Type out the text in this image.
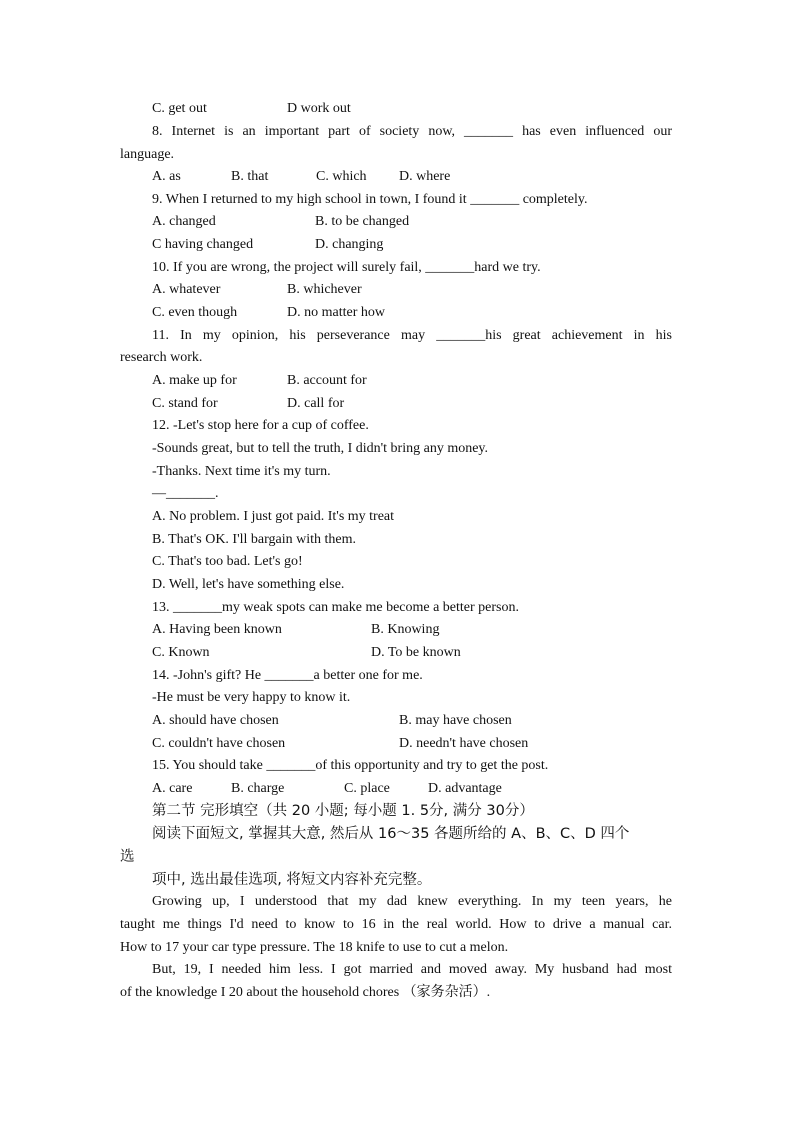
C. get out	D work out
8. Internet is an important part of society now, _______ has even influenced our
language.
A. as	B. that	C. which D. where
9. When I returned to my high school in town, I found it _______ completely.
A. changed	B. to be changed
C having changed	D. changing
10. If you are wrong, the project will surely fail, _______hard we try.
A. whatever	B. whichever
C. even though	D. no matter how
11. In my opinion, his perseverance may _______his great achievement in his
research work.
A. make up for	B. account for
C. stand for	D. call for
12. -Let's stop here for a cup of coffee.
-Sounds great, but to tell the truth, I didn't bring any money.
-Thanks. Next time it's my turn.
—_______.
A. No problem. I just got paid. It's my treat
B. That's OK. I'll bargain with them.
C. That's too bad. Let's go!
D. Well, let's have something else.
13. _______my weak spots can make me become a better person.
A. Having been known	B. Knowing
C. Known	D. To be known
14. -John's gift? He _______a better one for me.
-He must be very happy to know it.
A. should have chosen	B. may have chosen
C. couldn't have chosen	D. needn't have chosen
15. You should take _______of this opportunity and try to get the post.
A. care	B. charge	C. place	D. advantage
第二节 完形填空（共 20 小题; 每小题 1. 5分, 满分 30分）
阅读下面短文, 掌握其大意, 然后从 16～35 各题所给的 A、B、C、D 四个
选
项中, 选出最佳选项, 将短文内容补充完整。
Growing up, I understood that my dad knew everything. In my teen years, he
taught me things I'd need to know to 16 in the real world. How to drive a manual car.
How to 17 your car type pressure. The 18 knife to use to cut a melon.
But, 19, I needed him less. I got married and moved away. My husband had most
of the knowledge I 20 about the household chores （家务杂活）.
